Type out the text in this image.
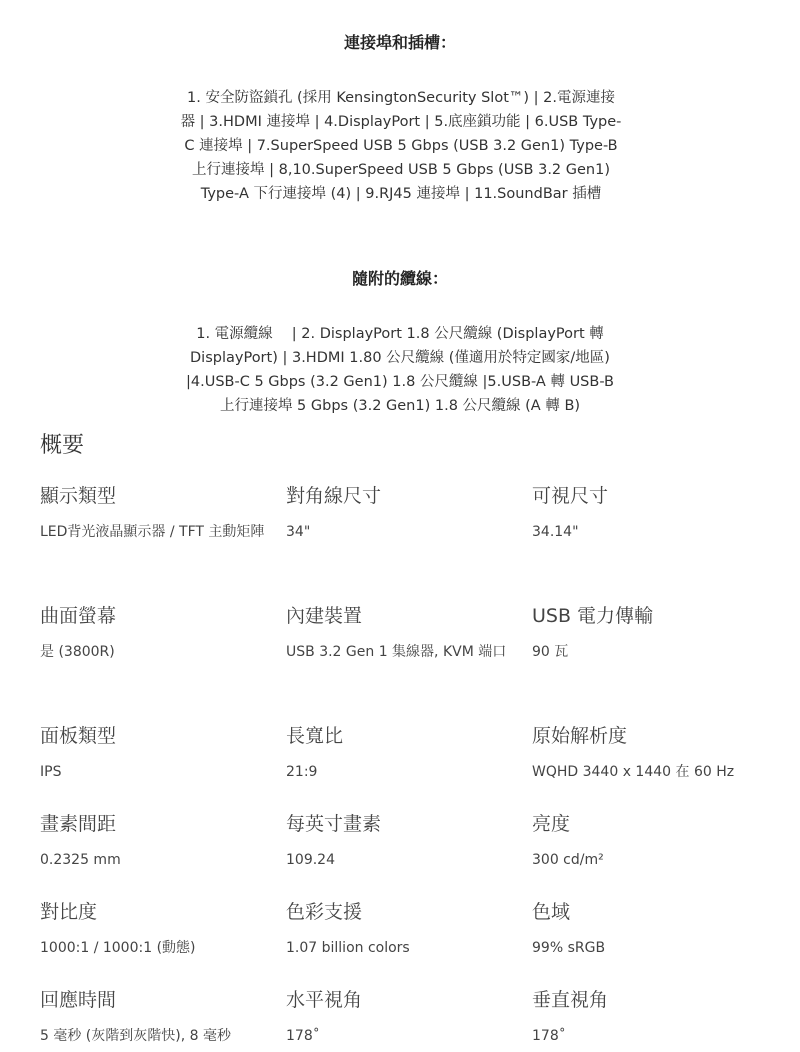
連接埠和插槽：
1. 安全防盜鎖孔 (採用 KensingtonSecurity Slot™) | 2.電源連接器 | 3.HDMI 連接埠 | 4.DisplayPort | 5.底座鎖功能 | 6.USB Type-C 連接埠 | 7.SuperSpeed USB 5 Gbps (USB 3.2 Gen1) Type-B 上行連接埠 | 8,10.SuperSpeed USB 5 Gbps (USB 3.2 Gen1) Type-A 下行連接埠 (4) | 9.RJ45 連接埠 | 11.SoundBar 插槽
隨附的纜線：
1. 電源纜線　 | 2. DisplayPort 1.8 公尺纜線 (DisplayPort 轉 DisplayPort) | 3.HDMI 1.80 公尺纜線 (僅適用於特定國家/地區) |4.USB-C 5 Gbps (3.2 Gen1) 1.8 公尺纜線 |5.USB-A 轉 USB-B 上行連接埠 5 Gbps (3.2 Gen1) 1.8 公尺纜線 (A 轉 B)
概要
顯示類型
LED背光液晶顯示器 / TFT 主動矩陣
對角線尺寸
34"
可視尺寸
34.14"
曲面螢幕
是 (3800R)
內建裝置
USB 3.2 Gen 1 集線器, KVM 端口
USB 電力傳輸
90 瓦
面板類型
IPS
長寬比
21:9
原始解析度
WQHD 3440 x 1440 在 60 Hz
畫素間距
0.2325 mm
每英寸畫素
109.24
亮度
300 cd/m²
對比度
1000:1 / 1000:1 (動態)
色彩支援
1.07 billion colors
色域
99% sRGB
回應時間
5 毫秒 (灰階到灰階快), 8 毫秒
水平視角
178˚
垂直視角
178˚
